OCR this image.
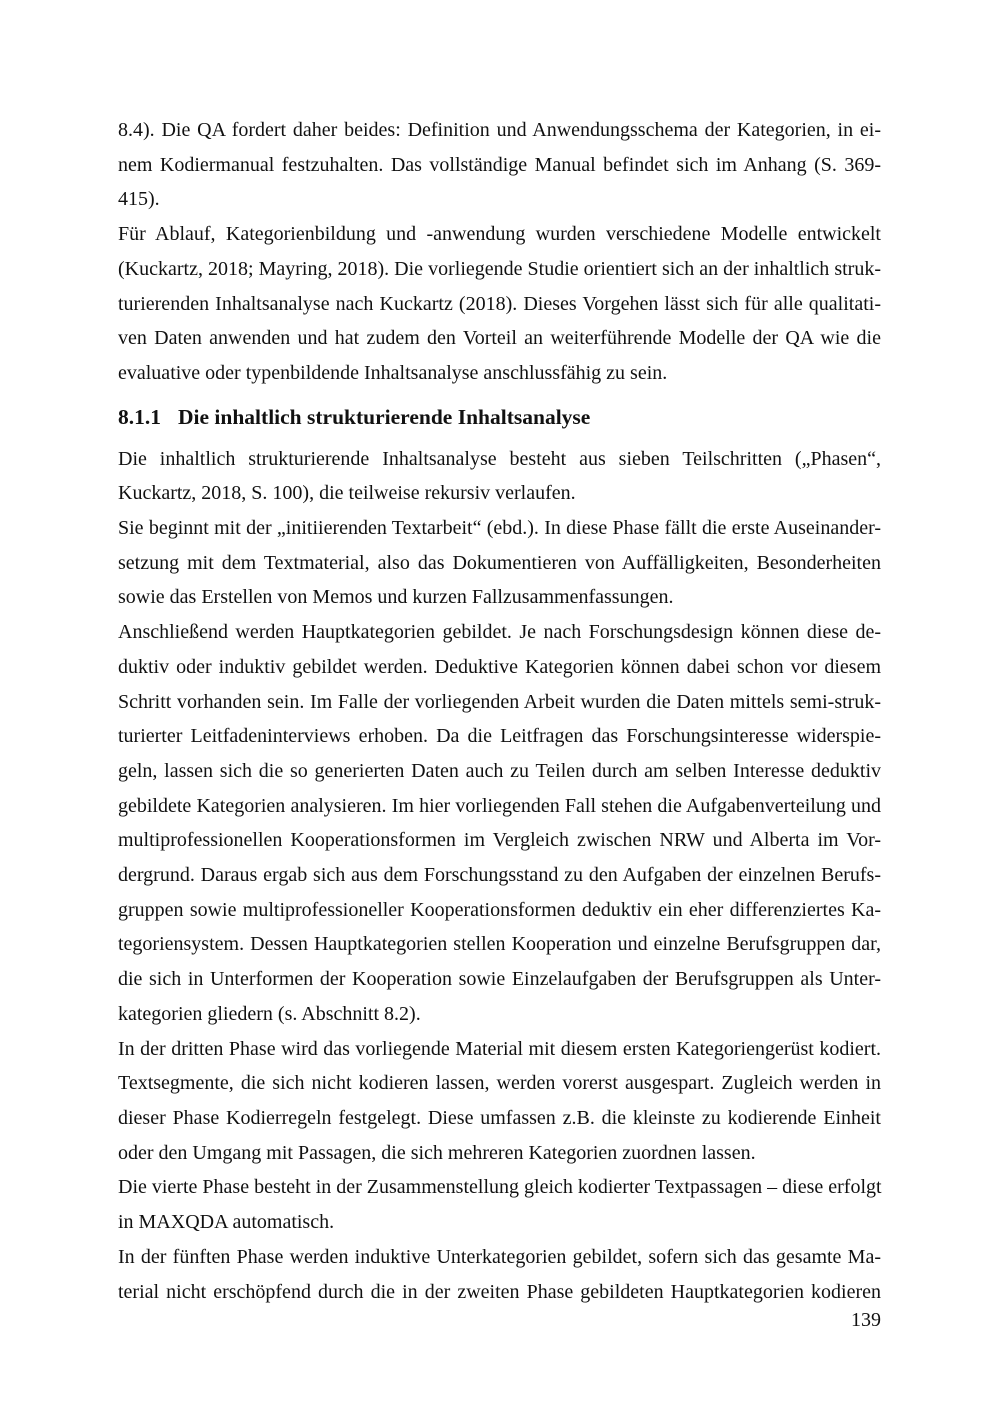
8.4). Die QA fordert daher beides: Definition und Anwendungsschema der Kategorien, in ei-
nem Kodiermanual festzuhalten. Das vollständige Manual befindet sich im Anhang (S. 369-
415).
Für Ablauf, Kategorienbildung und -anwendung wurden verschiedene Modelle entwickelt
(Kuckartz, 2018; Mayring, 2018). Die vorliegende Studie orientiert sich an der inhaltlich struk-
turierenden Inhaltsanalyse nach Kuckartz (2018). Dieses Vorgehen lässt sich für alle qualitati-
ven Daten anwenden und hat zudem den Vorteil an weiterführende Modelle der QA wie die
evaluative oder typenbildende Inhaltsanalyse anschlussfähig zu sein.
8.1.1 Die inhaltlich strukturierende Inhaltsanalyse
Die inhaltlich strukturierende Inhaltsanalyse besteht aus sieben Teilschritten („Phasen“,
Kuckartz, 2018, S. 100), die teilweise rekursiv verlaufen.
Sie beginnt mit der „initiierenden Textarbeit“ (ebd.). In diese Phase fällt die erste Auseinander-
setzung mit dem Textmaterial, also das Dokumentieren von Auffälligkeiten, Besonderheiten
sowie das Erstellen von Memos und kurzen Fallzusammenfassungen.
Anschließend werden Hauptkategorien gebildet. Je nach Forschungsdesign können diese de-
duktiv oder induktiv gebildet werden. Deduktive Kategorien können dabei schon vor diesem
Schritt vorhanden sein. Im Falle der vorliegenden Arbeit wurden die Daten mittels semi-struk-
turierter Leitfadeninterviews erhoben. Da die Leitfragen das Forschungsinteresse widerspie-
geln, lassen sich die so generierten Daten auch zu Teilen durch am selben Interesse deduktiv
gebildete Kategorien analysieren. Im hier vorliegenden Fall stehen die Aufgabenverteilung und
multiprofessionellen Kooperationsformen im Vergleich zwischen NRW und Alberta im Vor-
dergrund. Daraus ergab sich aus dem Forschungsstand zu den Aufgaben der einzelnen Berufs-
gruppen sowie multiprofessioneller Kooperationsformen deduktiv ein eher differenziertes Ka-
tegoriensystem. Dessen Hauptkategorien stellen Kooperation und einzelne Berufsgruppen dar,
die sich in Unterformen der Kooperation sowie Einzelaufgaben der Berufsgruppen als Unter-
kategorien gliedern (s. Abschnitt 8.2).
In der dritten Phase wird das vorliegende Material mit diesem ersten Kategoriengerüst kodiert.
Textsegmente, die sich nicht kodieren lassen, werden vorerst ausgespart. Zugleich werden in
dieser Phase Kodierregeln festgelegt. Diese umfassen z.B. die kleinste zu kodierende Einheit
oder den Umgang mit Passagen, die sich mehreren Kategorien zuordnen lassen.
Die vierte Phase besteht in der Zusammenstellung gleich kodierter Textpassagen – diese erfolgt
in MAXQDA automatisch.
In der fünften Phase werden induktive Unterkategorien gebildet, sofern sich das gesamte Ma-
terial nicht erschöpfend durch die in der zweiten Phase gebildeten Hauptkategorien kodieren
139
